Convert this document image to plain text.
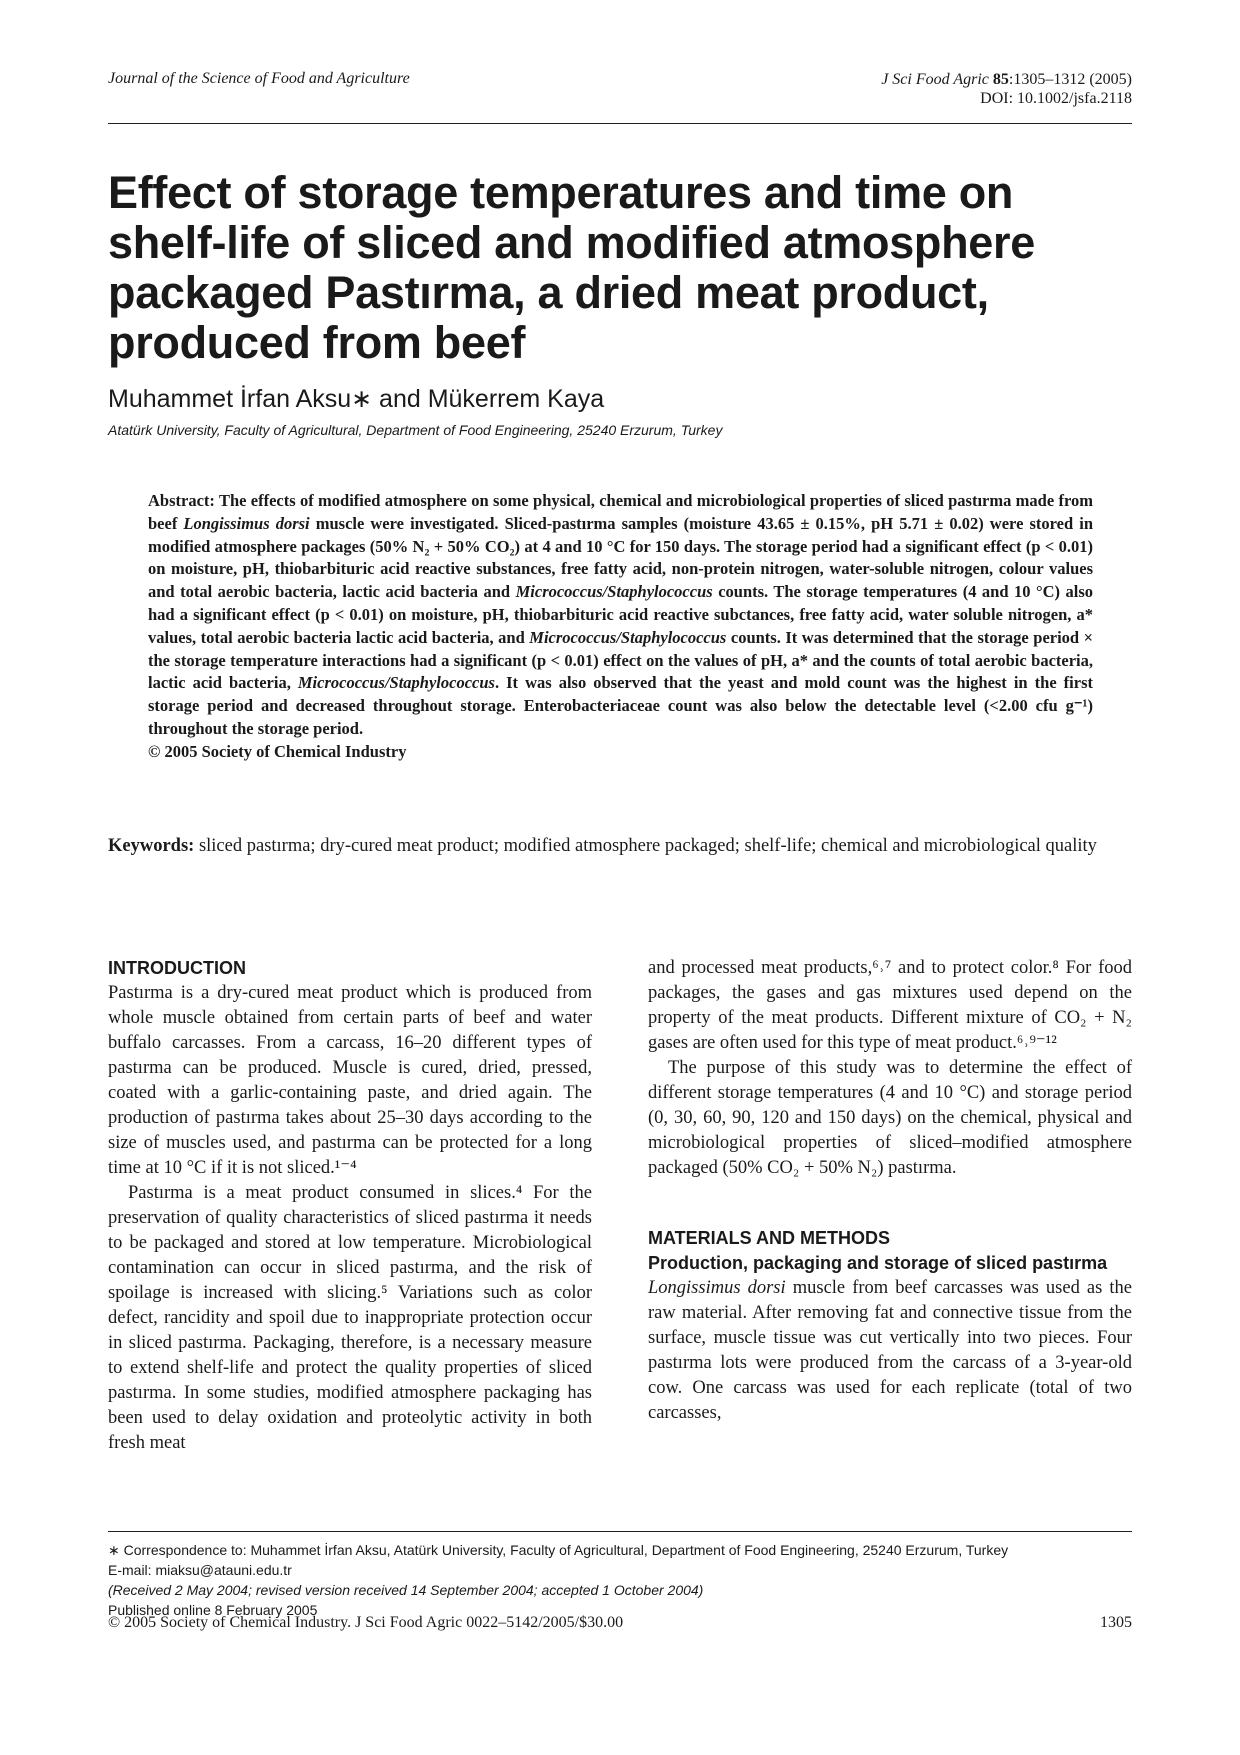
Journal of the Science of Food and Agriculture	J Sci Food Agric 85:1305–1312 (2005)
DOI: 10.1002/jsfa.2118
Effect of storage temperatures and time on shelf-life of sliced and modified atmosphere packaged Pastırma, a dried meat product, produced from beef
Muhammet İrfan Aksu∗ and Mükerrem Kaya
Atatürk University, Faculty of Agricultural, Department of Food Engineering, 25240 Erzurum, Turkey
Abstract: The effects of modified atmosphere on some physical, chemical and microbiological properties of sliced pastırma made from beef Longissimus dorsi muscle were investigated. Sliced-pastırma samples (moisture 43.65 ± 0.15%, pH 5.71 ± 0.02) were stored in modified atmosphere packages (50% N₂ + 50% CO₂) at 4 and 10 °C for 150 days. The storage period had a significant effect (p < 0.01) on moisture, pH, thiobarbituric acid reactive substances, free fatty acid, non-protein nitrogen, water-soluble nitrogen, colour values and total aerobic bacteria, lactic acid bacteria and Micrococcus/Staphylococcus counts. The storage temperatures (4 and 10 °C) also had a significant effect (p < 0.01) on moisture, pH, thiobarbituric acid reactive subctances, free fatty acid, water soluble nitrogen, a* values, total aerobic bacteria lactic acid bacteria, and Micrococcus/Staphylococcus counts. It was determined that the storage period × the storage temperature interactions had a significant (p < 0.01) effect on the values of pH, a* and the counts of total aerobic bacteria, lactic acid bacteria, Micrococcus/Staphylococcus. It was also observed that the yeast and mold count was the highest in the first storage period and decreased throughout storage. Enterobacteriaceae count was also below the detectable level (<2.00 cfu g⁻¹) throughout the storage period.
© 2005 Society of Chemical Industry
Keywords: sliced pastırma; dry-cured meat product; modified atmosphere packaged; shelf-life; chemical and microbiological quality
INTRODUCTION

Pastırma is a dry-cured meat product which is produced from whole muscle obtained from certain parts of beef and water buffalo carcasses. From a carcass, 16–20 different types of pastırma can be produced. Muscle is cured, dried, pressed, coated with a garlic-containing paste, and dried again. The production of pastırma takes about 25–30 days according to the size of muscles used, and pastırma can be protected for a long time at 10 °C if it is not sliced.¹⁻⁴

Pastırma is a meat product consumed in slices.⁴ For the preservation of quality characteristics of sliced pastırma it needs to be packaged and stored at low temperature. Microbiological contamination can occur in sliced pastırma, and the risk of spoilage is increased with slicing.⁵ Variations such as color defect, rancidity and spoil due to inappropriate protection occur in sliced pastırma. Packaging, therefore, is a necessary measure to extend shelf-life and protect the quality properties of sliced pastırma. In some studies, modified atmosphere packaging has been used to delay oxidation and proteolytic activity in both fresh meat

and processed meat products,⁶˒⁷ and to protect color.⁸ For food packages, the gases and gas mixtures used depend on the property of the meat products. Different mixture of CO₂ + N₂ gases are often used for this type of meat product.⁶˒⁹⁻¹²

The purpose of this study was to determine the effect of different storage temperatures (4 and 10 °C) and storage period (0, 30, 60, 90, 120 and 150 days) on the chemical, physical and microbiological properties of sliced–modified atmosphere packaged (50% CO₂ + 50% N₂) pastırma.

MATERIALS AND METHODS
Production, packaging and storage of sliced pastırma

Longissimus dorsi muscle from beef carcasses was used as the raw material. After removing fat and connective tissue from the surface, muscle tissue was cut vertically into two pieces. Four pastırma lots were produced from the carcass of a 3-year-old cow. One carcass was used for each replicate (total of two carcasses,

∗ Correspondence to: Muhammet İrfan Aksu, Atatürk University, Faculty of Agricultural, Department of Food Engineering, 25240 Erzurum, Turkey
E-mail: miaksu@atauni.edu.tr
(Received 2 May 2004; revised version received 14 September 2004; accepted 1 October 2004)
Published online 8 February 2005
© 2005 Society of Chemical Industry. J Sci Food Agric 0022–5142/2005/$30.00	1305
